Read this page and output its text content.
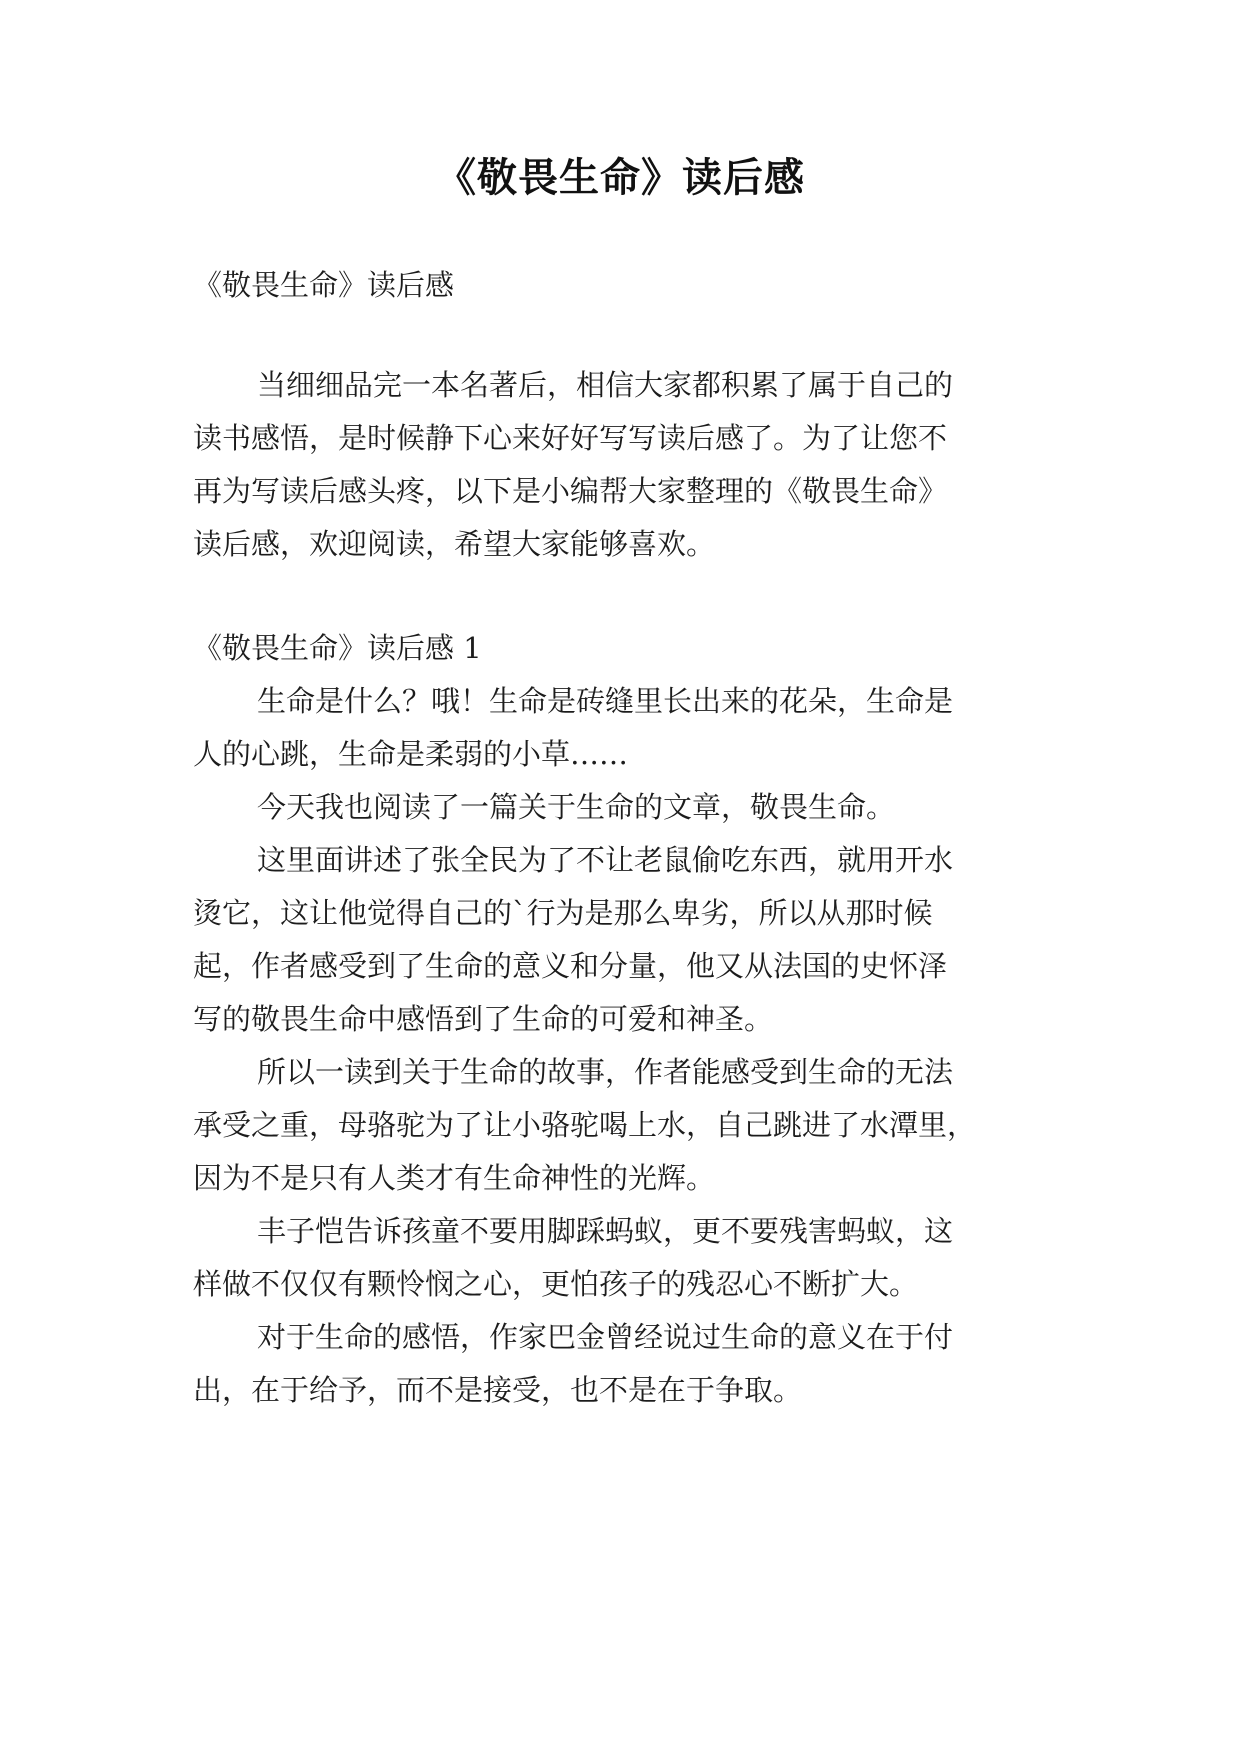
《敬畏生命》读后感
《敬畏生命》读后感
当细细品完一本名著后，相信大家都积累了属于自己的
读书感悟，是时候静下心来好好写写读后感了。为了让您不
再为写读后感头疼，以下是小编帮大家整理的《敬畏生命》
读后感，欢迎阅读，希望大家能够喜欢。
《敬畏生命》读后感 1
生命是什么？哦！生命是砖缝里长出来的花朵，生命是
人的心跳，生命是柔弱的小草……
今天我也阅读了一篇关于生命的文章，敬畏生命。
这里面讲述了张全民为了不让老鼠偷吃东西，就用开水
烫它，这让他觉得自己的`行为是那么卑劣，所以从那时候
起，作者感受到了生命的意义和分量，他又从法国的史怀泽
写的敬畏生命中感悟到了生命的可爱和神圣。
所以一读到关于生命的故事，作者能感受到生命的无法
承受之重，母骆驼为了让小骆驼喝上水，自己跳进了水潭里，
因为不是只有人类才有生命神性的光辉。
丰子恺告诉孩童不要用脚踩蚂蚁，更不要残害蚂蚁，这
样做不仅仅有颗怜悯之心，更怕孩子的残忍心不断扩大。
对于生命的感悟，作家巴金曾经说过生命的意义在于付
出，在于给予，而不是接受，也不是在于争取。
